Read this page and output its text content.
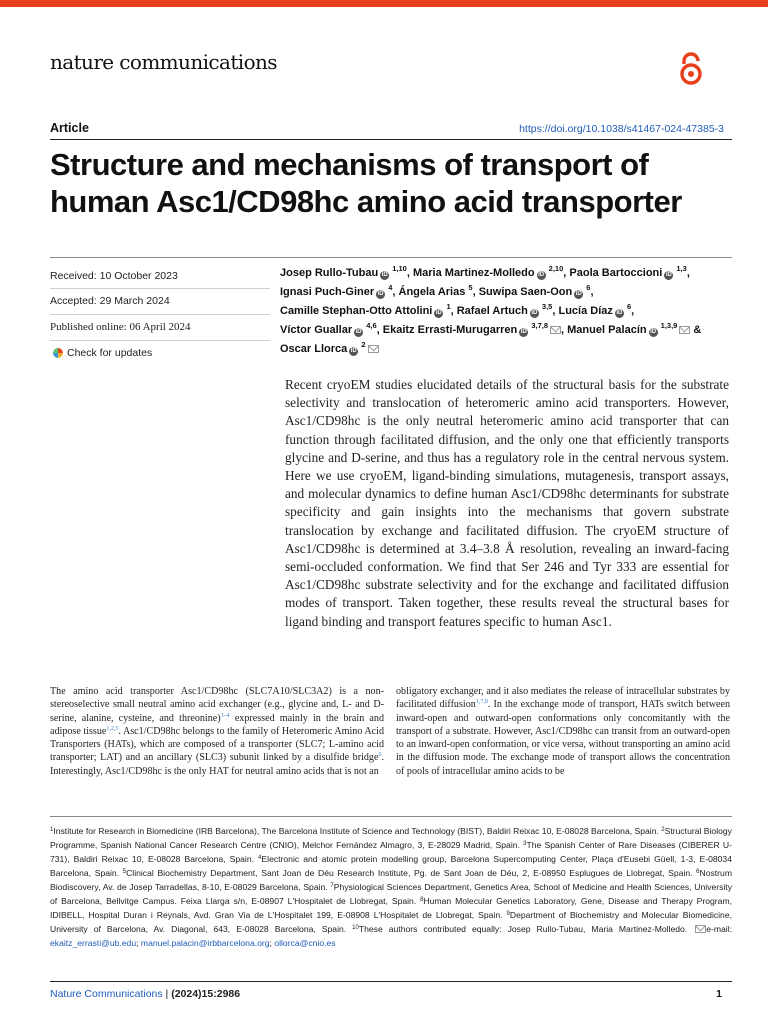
nature communications
Article	https://doi.org/10.1038/s41467-024-47385-3
Structure and mechanisms of transport of human Asc1/CD98hc amino acid transporter
Received: 10 October 2023
Accepted: 29 March 2024
Published online: 06 April 2024
Check for updates
Josep Rullo-Tubau iD $^{1,10}$, Maria Martinez-Molledo iD $^{2,10}$, Paola Bartoccioni iD $^{1,3}$, Ignasi Puch-Giner iD $^4$, Ángela Arias $^5$, Suwipa Saen-Oon iD $^6$, Camille Stephan-Otto Attolini iD $^1$, Rafael Artuch iD $^{3,5}$, Lucía Díaz iD $^6$, Víctor Guallar iD $^{4,6}$, Ekaitz Errasti-Murugarren iD $^{3,7,8}$ , Manuel Palacín iD $^{1,3,9}$ & Oscar Llorca iD $^2$
Recent cryoEM studies elucidated details of the structural basis for the substrate selectivity and translocation of heteromeric amino acid transporters. However, Asc1/CD98hc is the only neutral heteromeric amino acid transporter that can function through facilitated diffusion, and the only one that efficiently transports glycine and D-serine, and thus has a regulatory role in the central nervous system. Here we use cryoEM, ligand-binding simulations, mutagenesis, transport assays, and molecular dynamics to define human Asc1/CD98hc determinants for substrate specificity and gain insights into the mechanisms that govern substrate translocation by exchange and facilitated diffusion. The cryoEM structure of Asc1/CD98hc is determined at 3.4–3.8 Å resolution, revealing an inward-facing semi-occluded conformation. We find that Ser 246 and Tyr 333 are essential for Asc1/CD98hc substrate selectivity and for the exchange and facilitated diffusion modes of transport. Taken together, these results reveal the structural bases for ligand binding and transport features specific to human Asc1.
The amino acid transporter Asc1/CD98hc (SLC7A10/SLC3A2) is a non-stereoselective small neutral amino acid exchanger (e.g., glycine and, L- and D-serine, alanine, cysteine, and threonine)$^{1-4}$ expressed mainly in the brain and adipose tissue$^{1,2,5}$. Asc1/CD98hc belongs to the family of Heteromeric Amino Acid Transporters (HATs), which are composed of a transporter (SLC7; L-amino acid transporter; LAT) and an ancillary (SLC3) subunit linked by a disulfide bridge$^6$. Interestingly, Asc1/CD98hc is the only HAT for neutral amino acids that is not an
obligatory exchanger, and it also mediates the release of intracellular substrates by facilitated diffusion$^{1,7,8}$. In the exchange mode of transport, HATs switch between inward-open and outward-open conformations only concomitantly with the transport of a substrate. However, Asc1/CD98hc can transit from an outward-open to an inward-open conformation, or vice versa, without transporting an amino acid in the diffusion mode. The exchange mode of transport allows the concentration of pools of intracellular amino acids to be
$^1$Institute for Research in Biomedicine (IRB Barcelona), The Barcelona Institute of Science and Technology (BIST), Baldiri Reixac 10, E-08028 Barcelona, Spain. $^2$Structural Biology Programme, Spanish National Cancer Research Centre (CNIO), Melchor Fernández Almagro, 3, E-28029 Madrid, Spain. $^3$The Spanish Center of Rare Diseases (CIBERER U-731), Baldiri Reixac 10, E-08028 Barcelona, Spain. $^4$Electronic and atomic protein modelling group, Barcelona Supercomputing Center, Plaça d'Eusebi Güell, 1-3, E-08034 Barcelona, Spain. $^5$Clinical Biochemistry Department, Sant Joan de Déu Research Institute, Pg. de Sant Joan de Déu, 2, E-08950 Esplugues de Llobregat, Spain. $^6$Nostrum Biodiscovery, Av. de Josep Tarradellas, 8-10, E-08029 Barcelona, Spain. $^7$Physiological Sciences Department, Genetics Area, School of Medicine and Health Sciences, University of Barcelona, Bellvitge Campus. Feixa Llarga s/n, E-08907 L'Hospitalet de Llobregat, Spain. $^8$Human Molecular Genetics Laboratory, Gene, Disease and Therapy Program, IDIBELL, Hospital Duran i Reynals, Avd. Gran Via de L'Hospitalet 199, E-08908 L'Hospitalet de Llobregat, Spain. $^9$Department of Biochemistry and Molecular Biomedicine, University of Barcelona, Av. Diagonal, 643, E-08028 Barcelona, Spain. $^{10}$These authors contributed equally: Josep Rullo-Tubau, Maria Martinez-Molledo. e-mail: ekaitz_errasti@ub.edu; manuel.palacin@irbbarcelona.org; ollorca@cnio.es
Nature Communications | (2024)15:2986	1
